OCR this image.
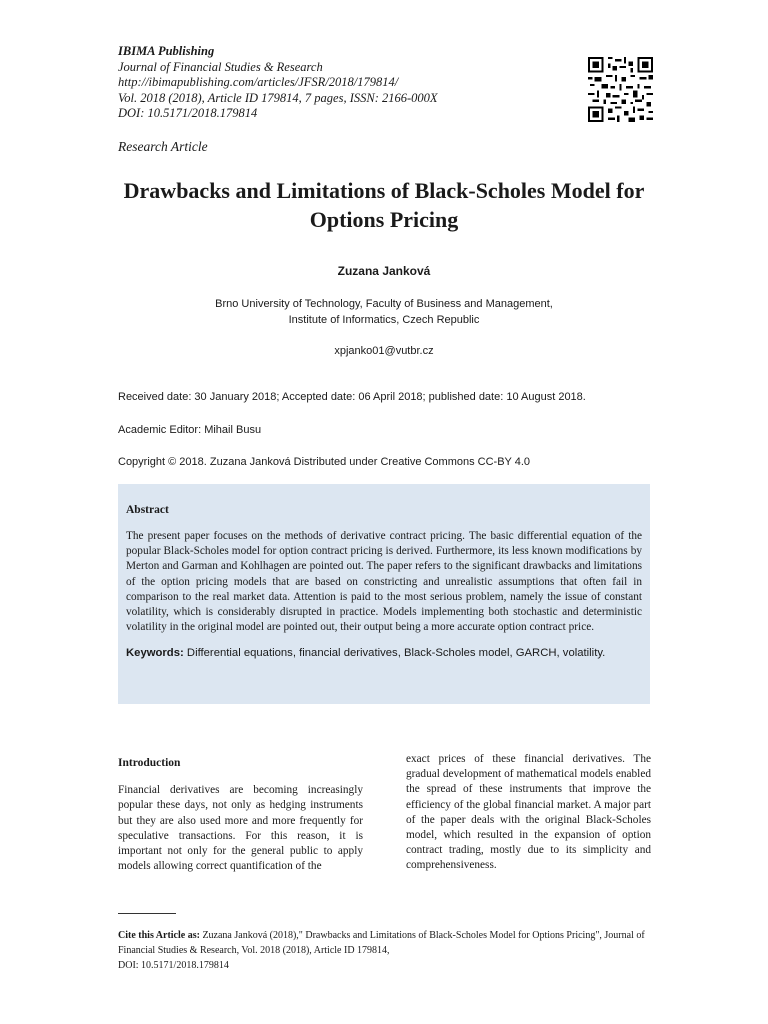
IBIMA Publishing
Journal of Financial Studies & Research
http://ibimapublishing.com/articles/JFSR/2018/179814/
Vol. 2018 (2018), Article ID 179814, 7 pages, ISSN: 2166-000X
DOI: 10.5171/2018.179814
Research Article
Drawbacks and Limitations of Black-Scholes Model for Options Pricing
Zuzana Janková
Brno University of Technology, Faculty of Business and Management,
Institute of Informatics, Czech Republic
xpjanko01@vutbr.cz
Received date: 30 January 2018; Accepted date: 06 April 2018; published date: 10 August 2018.
Academic Editor: Mihail Busu
Copyright © 2018. Zuzana Janková Distributed under Creative Commons CC-BY 4.0
Abstract
The present paper focuses on the methods of derivative contract pricing. The basic differential equation of the popular Black-Scholes model for option contract pricing is derived. Furthermore, its less known modifications by Merton and Garman and Kohlhagen are pointed out. The paper refers to the significant drawbacks and limitations of the option pricing models that are based on constricting and unrealistic assumptions that often fail in comparison to the real market data. Attention is paid to the most serious problem, namely the issue of constant volatility, which is considerably disrupted in practice. Models implementing both stochastic and deterministic volatility in the original model are pointed out, their output being a more accurate option contract price.
Keywords: Differential equations, financial derivatives, Black-Scholes model, GARCH, volatility.
Introduction
Financial derivatives are becoming increasingly popular these days, not only as hedging instruments but they are also used more and more frequently for speculative transactions. For this reason, it is important not only for the general public to apply models allowing correct quantification of the
exact prices of these financial derivatives. The gradual development of mathematical models enabled the spread of these instruments that improve the efficiency of the global financial market. A major part of the paper deals with the original Black-Scholes model, which resulted in the expansion of option contract trading, mostly due to its simplicity and comprehensiveness.
Cite this Article as: Zuzana Janková (2018)," Drawbacks and Limitations of Black-Scholes Model for Options Pricing", Journal of Financial Studies & Research, Vol. 2018 (2018), Article ID 179814,
DOI: 10.5171/2018.179814
